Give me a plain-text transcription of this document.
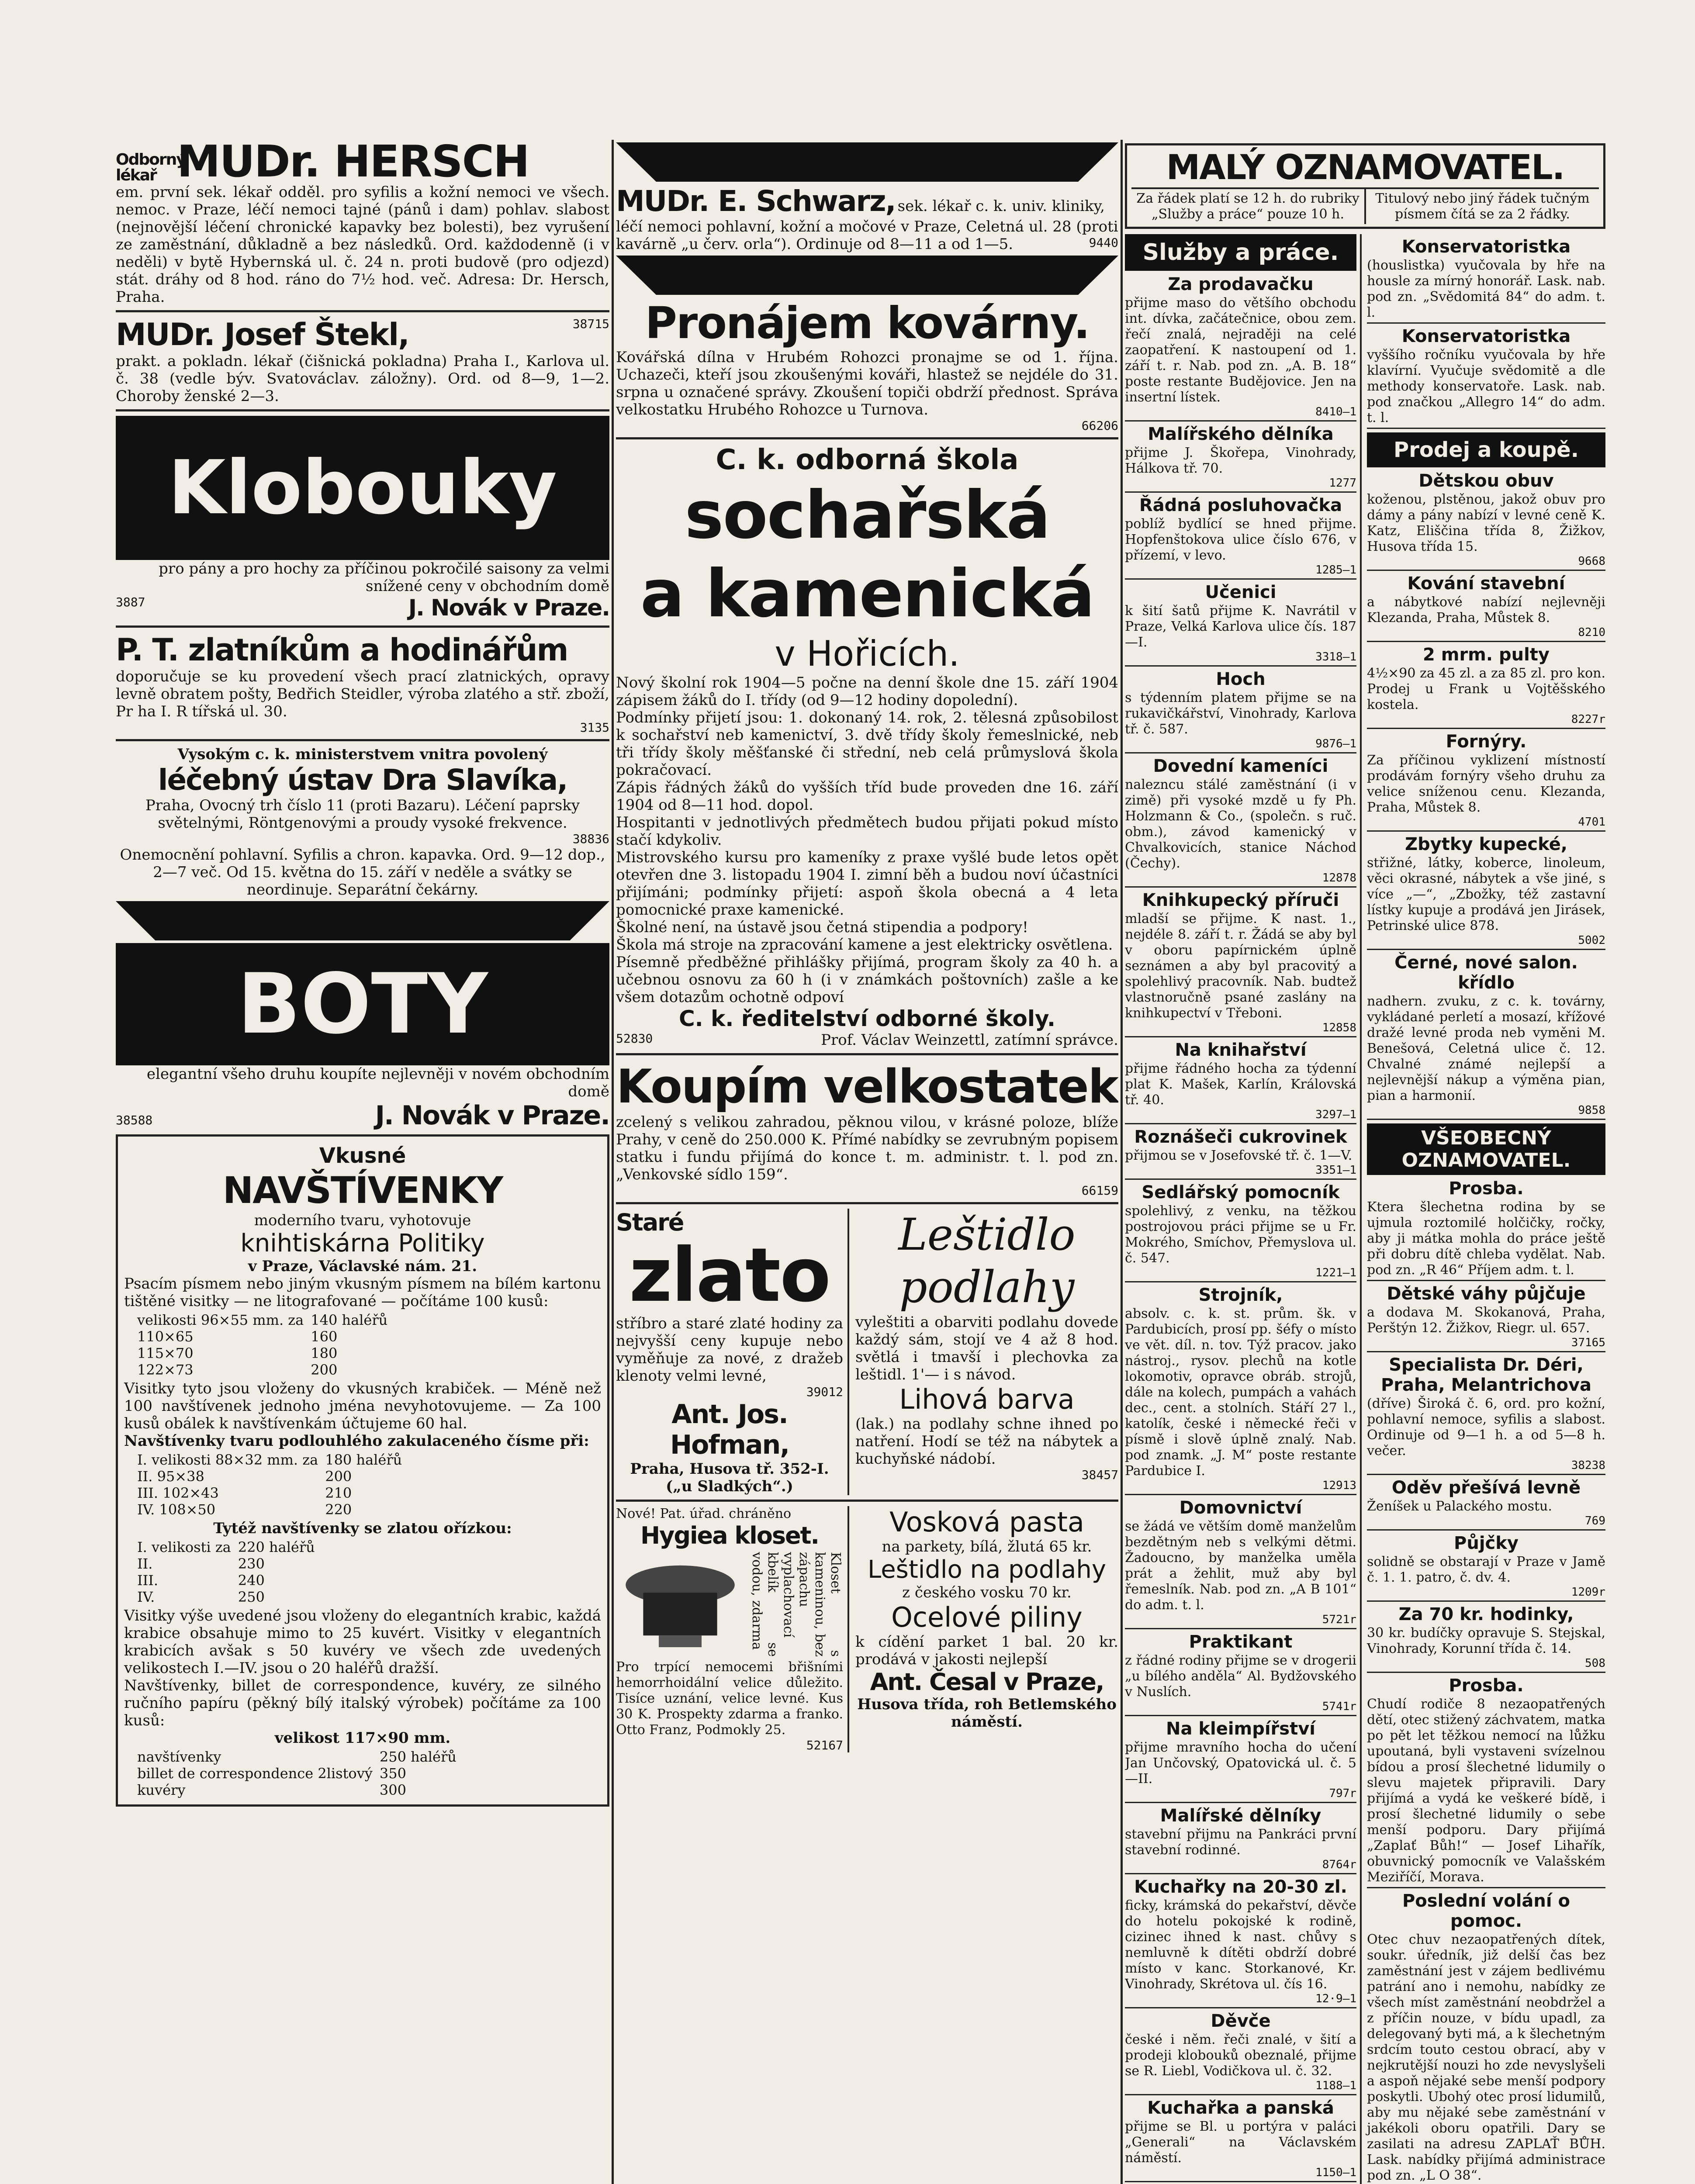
Odborný lékař MUDr. HERSCH

em. první sek. lékař odděl. pro syfilis a kožní nemoci ve všech. nemoc. v Praze, léčí nemoci tajné (pánů i dam) pohlav. slabost (nejnovější léčení chronické kapavky bez bolesti), bez vyrušení ze zaměstnání, důkladně a bez následků. Ord. každodenně (i v neděli) v bytě Hybernská ul. č. 24 n. proti budově (pro odjezd) stát. dráhy od 8 hod. ráno do 7½ hod. več. Adresa: Dr. Hersch, Praha.

MUDr. Josef Štekl,	38715

prakt. a pokladn. lékař (čišnická pokladna) Praha I., Karlova ul. č. 38 (vedle býv. Svatováclav. záložny). Ord. od 8—9, 1—2. Choroby ženské 2—3.

Klobouky

pro pány a pro hochy za příčinou pokročilé saisony za velmi snížené ceny v obchodním domě

3887	J. Novák v Praze.
P. T. zlatníkům a hodinářům

doporučuje se ku provedení všech prací zlatnických, opravy levně obratem pošty, Bedřich Steidler, výroba zlatého a stř. zboží, Pr ha I. R tířská ul. 30.

3135

Vysokým c. k. ministerstvem vnitra povolený

léčebný ústav Dra Slavíka,

Praha, Ovocný trh číslo 11 (proti Bazaru). Léčení paprsky světelnými, Röntgenovými a proudy vysoké frekvence.

38836

Onemocnění pohlavní. Syfilis a chron. kapavka. Ord. 9—12 dop., 2—7 več. Od 15. května do 15. září v neděle a svátky se neordinuje. Separátní čekárny.

BOTY

elegantní všeho druhu koupíte nejlevněji v novém obchodním domě

38588	J. Novák v Praze.
Vkusné
NAVŠTÍVENKY

moderního tvaru, vyhotovuje

knihtiskárna Politiky

v Praze, Václavské nám. 21.

Psacím písmem nebo jiným vkusným písmem na bílém kartonu tištěné visitky — ne litografované — počítáme 100 kusů:

velikosti 96×55 mm. za	140 haléřů
110×65	160
115×70	180
122×73	200

Visitky tyto jsou vloženy do vkusných krabiček. — Méně než 100 navštívenek jednoho jména nevyhotovujeme. — Za 100 kusů obálek k navštívenkám účtujeme 60 hal.

Navštívenky tvaru podlouhlého zakulaceného čísme při:

I. velikosti 88×32 mm. za	180 haléřů
II. 95×38	200
III. 102×43	210
IV. 108×50	220

Tytéž navštívenky se zlatou ořízkou:

I. velikosti za	220 haléřů
II.	230
III.	240
IV.	250

Visitky výše uvedené jsou vloženy do elegantních krabic, každá krabice obsahuje mimo to 25 kuvért. Visitky v elegantních krabicích avšak s 50 kuvéry ve všech zde uvedených velikostech I.—IV. jsou o 20 haléřů dražší.

Navštívenky, billet de correspondence, kuvéry, ze silného ručního papíru (pěkný bílý italský výrobek) počítáme za 100 kusů:

velikost 117×90 mm.

navštívenky	250 haléřů
billet de correspondence 2listový	350
kuvéry	300
MUDr. E. Schwarz, sek. lékař c. k. univ. kliniky, léčí nemoci pohlavní, kožní a močové v Praze, Celetná ul. 28 (proti kavárně „u červ. orla“). Ordinuje od 8—11 a od 1—5.	9440
Pronájem kovárny.

Kovářská dílna v Hrubém Rohozci pronajme se od 1. října. Uchazeči, kteří jsou zkoušenými kováři, hlastež se nejdéle do 31. srpna u označené správy. Zkoušení topiči obdrží přednost. Správa velkostatku Hrubého Rohozce u Turnova.

66206
C. k. odborná škola
sochařská
a kamenická
v Hořicích.

Nový školní rok 1904—5 počne na denní škole dne 15. září 1904 zápisem žáků do I. třídy (od 9—12 hodiny dopolední).

Podmínky přijetí jsou: 1. dokonaný 14. rok, 2. tělesná způsobilost k sochařství neb kamenictví, 3. dvě třídy školy řemeslnické, neb tři třídy školy měšťanské či střední, neb celá průmyslová škola pokračovací.

Zápis řádných žáků do vyšších tříd bude proveden dne 16. září 1904 od 8—11 hod. dopol.

Hospitanti v jednotlivých předmětech budou přijati pokud místo stačí kdykoliv.

Mistrovského kursu pro kameníky z praxe vyšlé bude letos opět otevřen dne 3. listopadu 1904 I. zimní běh a budou noví účastníci přijímáni; podmínky přijetí: aspoň škola obecná a 4 leta pomocnické praxe kamenické.

Školné není, na ústavě jsou četná stipendia a podpory!

Škola má stroje na zpracování kamene a jest elektricky osvětlena.

Písemně předběžné přihlášky přijímá, program školy za 40 h. a učebnou osnovu za 60 h (i v známkách poštovních) zašle a ke všem dotazům ochotně odpoví

C. k. ředitelství odborné školy.
52830	Prof. Václav Weinzettl, zatímní správce.
Koupím velkostatek

zcelený s velikou zahradou, pěknou vilou, v krásné poloze, blíže Prahy, v ceně do 250.000 K. Přímé nabídky se zevrubným popisem statku i fundu přijímá do konce t. m. administr. t. l. pod zn. „Venkovské sídlo 159“.

66159
Staré
zlato

stříbro a staré zlaté hodiny za nejvyšší ceny kupuje nebo vyměňuje za nové, z dražeb klenoty velmi levné,

39012
Ant. Jos. Hofman,

Praha, Husova tř. 352-I. („u Sladkých“.)

Leštidlo
podlahy

vyleštiti a obarviti podlahu dovede každý sám, stojí ve 4 až 8 hod. světlá i tmavší i plechovka za leštidl. 1'— i s návod.

Lihová barva

(lak.) na podlahy schne ihned po natření. Hodí se též na nábytek a kuchyňské nádobí.

38457

Nové! Pat. úřad. chráněno

Hygiea kloset.
Kloset s kameninou, bez zápachu vyplachovací kbelík se vodou, zdarma

Pro trpící nemocemi břišními hemorrhoidální velice důležito. Tisíce uznání, velice levné. Kus 30 K. Prospekty zdarma a franko. Otto Franz, Podmokly 25.

52167
Vosková pasta

na parkety, bílá, žlutá 65 kr.

Leštidlo na podlahy

z českého vosku 70 kr.

Ocelové piliny

k cídění parket 1 bal. 20 kr. prodává v jakosti nejlepší

Ant. Česal v Praze,

Husova třída, roh Betlemského náměstí.

MALÝ OZNAMOVATEL.

Za řádek platí se 12 h. do rubriky „Služby a práce“ pouze 10 h.

Titulový nebo jiný řádek tučným písmem čítá se za 2 řádky.

Služby a práce.
Za prodavačku

přijme maso do většího obchodu int. dívka, začátečnice, obou zem. řečí znalá, nejraději na celé zaopatření. K nastoupení od 1. září t. r. Nab. pod zn. „A. B. 18“ poste restante Budějovice. Jen na insertní lístek.

8410—1
Malířského dělníka

přijme J. Škořepa, Vinohrady, Hálkova tř. 70.

1277
Řádná posluhovačka

poblíž bydlící se hned přijme. Hopfenštokova ulice číslo 676, v přízemí, v levo.

1285—1
Učenici

k šití šatů přijme K. Navrátil v Praze, Velká Karlova ulice čís. 187—I.

3318—1
Hoch

s týdenním platem přijme se na rukavičkářství, Vinohrady, Karlova tř. č. 587.

9876—1
Dovední kameníci

nalezncu stálé zaměstnání (i v zimě) při vysoké mzdě u fy Ph. Holzmann & Co., (společn. s ruč. obm.), závod kamenický v Chvalkovicích, stanice Náchod (Čechy).

12878
Knihkupecký příruči

mladší se přijme. K nast. 1., nejdéle 8. září t. r. Žádá se aby byl v oboru papírnickém úplně seznámen a aby byl pracovitý a spolehlivý pracovník. Nab. budtež vlastnoručně psané zaslány na knihkupectví v Třeboni.

12858
Na knihařství

přijme řádného hocha za týdenní plat K. Mašek, Karlín, Královská tř. 40.

3297—1
Roznášeči cukrovinek

přijmou se v Josefovské tř. č. 1—V.

3351—1
Sedlářský pomocník

spolehlivý, z venku, na těžkou postrojovou práci přijme se u Fr. Mokrého, Smíchov, Přemyslova ul. č. 547.

1221—1
Strojník,

absolv. c. k. st. prům. šk. v Pardubicích, prosí pp. šéfy o místo ve vět. díl. n. tov. Týž pracov. jako nástroj., rysov. plechů na kotle lokomotiv, opravce obráb. strojů, dále na kolech, pumpách a vahách dec., cent. a stolních. Stáří 27 l., katolík, české i německé řeči v písmě i slově úplně znalý. Nab. pod znamk. „J. M“ poste restante Pardubice I.

12913
Domovnictví

se žádá ve větším domě manželům bezdětným neb s velkými dětmi. Žadoucno, by manželka uměla prát a žehlit, muž aby byl řemeslník. Nab. pod zn. „A B 101“ do adm. t. l.

5721r
Praktikant

z řádné rodiny přijme se v drogerii „u bílého anděla“ Al. Bydžovského v Nuslích.

5741r
Na kleimpířství

přijme mravního hocha do učení Jan Unčovský, Opatovická ul. č. 5—II.

797r
Malířské dělníky

stavební přijmu na Pankráci první stavební rodinné.

8764r
Kuchařky na 20-30 zl.

ficky, krámská do pekařství, děvče do hotelu pokojské k rodině, cizinec ihned k nast. chůvy s nemluvně k dítěti obdrží dobré místo v kanc. Storkanové, Kr. Vinohrady, Skrétova ul. čís 16.

12·9—1
Děvče

české i něm. řeči znalé, v šití a prodeji klobouků obeznalé, přijme se R. Liebl, Vodičkova ul. č. 32.

1188—1
Kuchařka a panská

přijme se Bl. u portýra v paláci „Generali“ na Václavském náměstí.

1150—1

Konservatoristka

(houslistka) vyučovala by hře na housle za mírný honorář. Lask. nab. pod zn. „Svědomitá 84“ do adm. t. l.

Konservatoristka

vyššího ročníku vyučovala by hře klavírní. Vyučuje svědomitě a dle methody konservatoře. Lask. nab. pod značkou „Allegro 14“ do adm. t. l.

Prodej a koupě.
Dětskou obuv

koženou, plstěnou, jakož obuv pro dámy a pány nabízí v levné ceně K. Katz, Eliščina třída 8, Žižkov, Husova třída 15.

9668
Kování stavební

a nábytkové nabízí nejlevněji Klezanda, Praha, Můstek 8.

8210
2 mrm. pulty

4½×90 za 45 zl. a za 85 zl. pro kon. Prodej u Frank u Vojtěšského kostela.

8227r
Fornýry.

Za příčinou vyklizení místností prodávám fornýry všeho druhu za velice sníženou cenu. Klezanda, Praha, Můstek 8.

4701
Zbytky kupecké,

střižné, látky, koberce, linoleum, věci okrasné, nábytek a vše jiné, s více „—“, „Zbožky, též zastavní lístky kupuje a prodává jen Jirásek, Petrinské ulice 878.

5002
Černé, nové salon. křídlo

nadhern. zvuku, z c. k. továrny, vykládané perletí a mosazí, křížové dražé levné proda neb vyměni M. Benešová, Celetná ulice č. 12. Chvalné známé nejlepší a nejlevnější nákup a výměna pian, pian a harmonií.

9858
VŠEOBECNÝ OZNAMOVATEL.
Prosba.

Ktera šlechetna rodina by se ujmula roztomilé holčičky, ročky, aby ji mátka mohla do práce ještě při dobru dítě chleba vydělat. Nab. pod zn. „R 46“ Příjem adm. t. l.

Dětské váhy půjčuje

a dodava M. Skokanová, Praha, Perštýn 12. Žižkov, Riegr. ul. 657.

37165
Specialista Dr. Déri, Praha, Melantrichova

(dříve) Široká č. 6, ord. pro kožní, pohlavní nemoce, syfilis a slabost. Ordinuje od 9—1 h. a od 5—8 h. večer.

38238
Oděv přešívá levně

Ženíšek u Palackého mostu.

769
Půjčky

solidně se obstarají v Praze v Jamě č. 1. 1. patro, č. dv. 4.

1209r
Za 70 kr. hodinky,

30 kr. budíčky opravuje S. Stejskal, Vinohrady, Korunní třída č. 14.

508
Prosba.

Chudí rodiče 8 nezaopatřených dětí, otec stižený záchvatem, matka po pět let těžkou nemocí na lůžku upoutaná, byli vystaveni svízelnou bídou a prosí šlechetné lidumily o slevu majetek připravili. Dary přijímá a vydá ke veškeré bídě, i prosí šlechetné lidumily o sebe menší podporu. Dary přijímá „Zaplať Bůh!“ — Josef Lihařík, obuvnický pomocník ve Valašském Meziříčí, Morava.

Poslední volání o pomoc.

Otec chuv nezaopatřených dítek, soukr. úředník, již delší čas bez zaměstnání jest v zájem bedlivému patrání ano i nemohu, nabídky ze všech míst zaměstnání neobdržel a z příčin nouze, v bídu upadl, za delegovaný byti má, a k šlechetným srdcím touto cestou obrací, aby v nejkrutější nouzi ho zde nevyslyšeli a aspoň nějaké sebe menší podpory poskytli. Ubohý otec prosí lidumilů, aby mu nějaké sebe zaměstnání v jakékoli oboru opatřili. Dary se zasilati na adresu ZAPLAŤ BŮH. Lask. nabídky přijímá administrace pod zn. „L O 38“.
